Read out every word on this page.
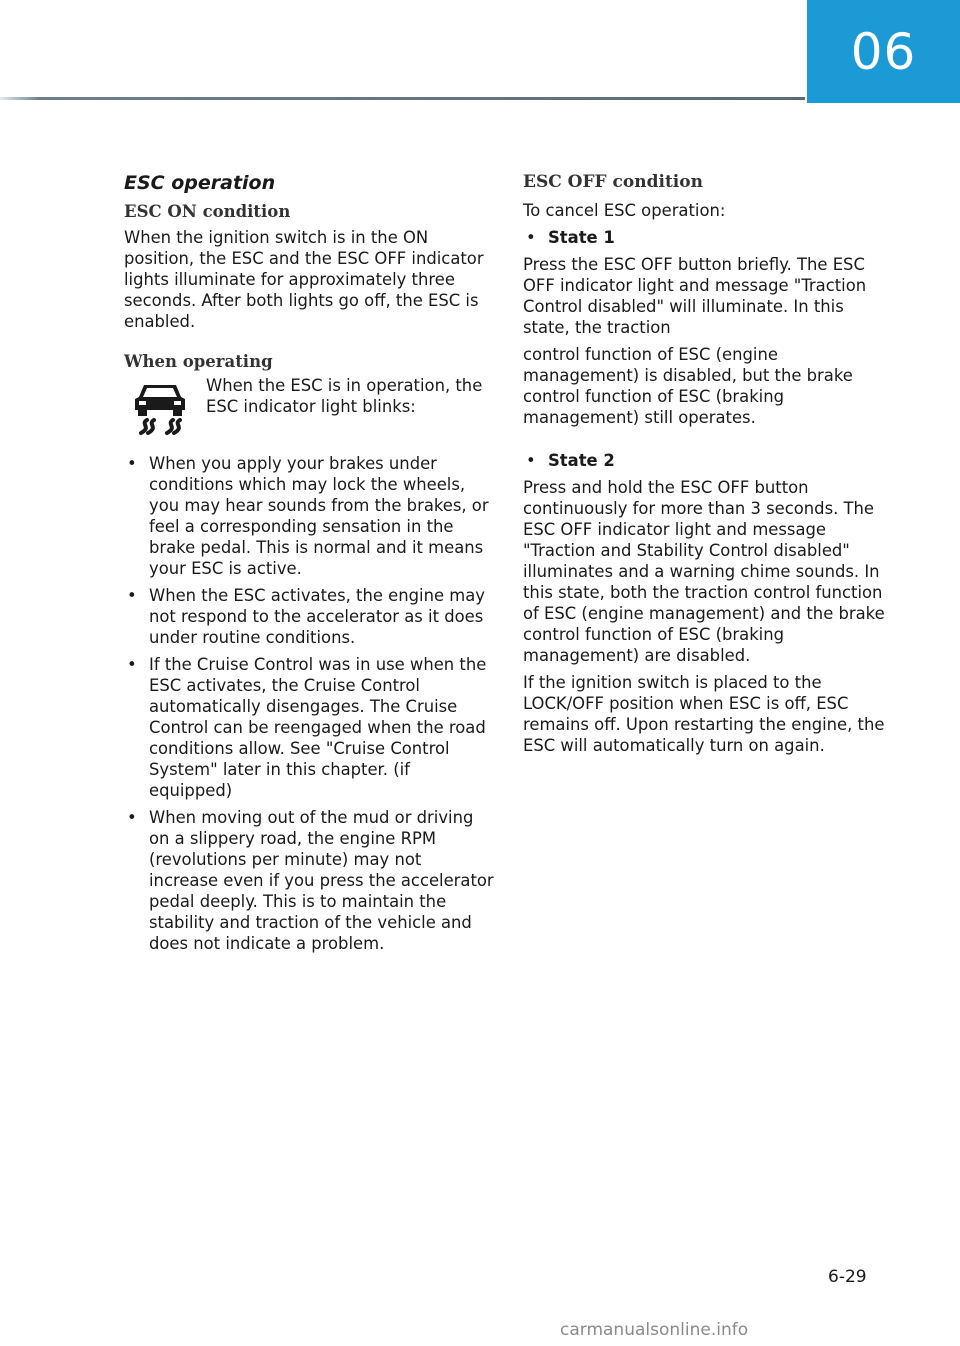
06
ESC operation
ESC ON condition

When the ignition switch is in the ON position, the ESC and the ESC OFF indicator lights illuminate for approximately three seconds. After both lights go off, the ESC is enabled.

When operating

When the ESC is in operation, the ESC indicator light blinks:

• When you apply your brakes under conditions which may lock the wheels, you may hear sounds from the brakes, or feel a corresponding sensation in the brake pedal. This is normal and it means your ESC is active.
• When the ESC activates, the engine may not respond to the accelerator as it does under routine conditions.
• If the Cruise Control was in use when the ESC activates, the Cruise Control automatically disengages. The Cruise Control can be reengaged when the road conditions allow. See "Cruise Control System" later in this chapter. (if equipped)
• When moving out of the mud or driving on a slippery road, the engine RPM (revolutions per minute) may not increase even if you press the accelerator pedal deeply. This is to maintain the stability and traction of the vehicle and does not indicate a problem.
ESC OFF condition

To cancel ESC operation:

• State 1

Press the ESC OFF button briefly. The ESC OFF indicator light and message "Traction Control disabled" will illuminate. In this state, the traction

control function of ESC (engine management) is disabled, but the brake control function of ESC (braking management) still operates.

• State 2

Press and hold the ESC OFF button continuously for more than 3 seconds. The ESC OFF indicator light and message "Traction and Stability Control disabled" illuminates and a warning chime sounds. In this state, both the traction control function of ESC (engine management) and the brake control function of ESC (braking management) are disabled.

If the ignition switch is placed to the LOCK/OFF position when ESC is off, ESC remains off. Upon restarting the engine, the ESC will automatically turn on again.

6-29
carmanualsonline.info
